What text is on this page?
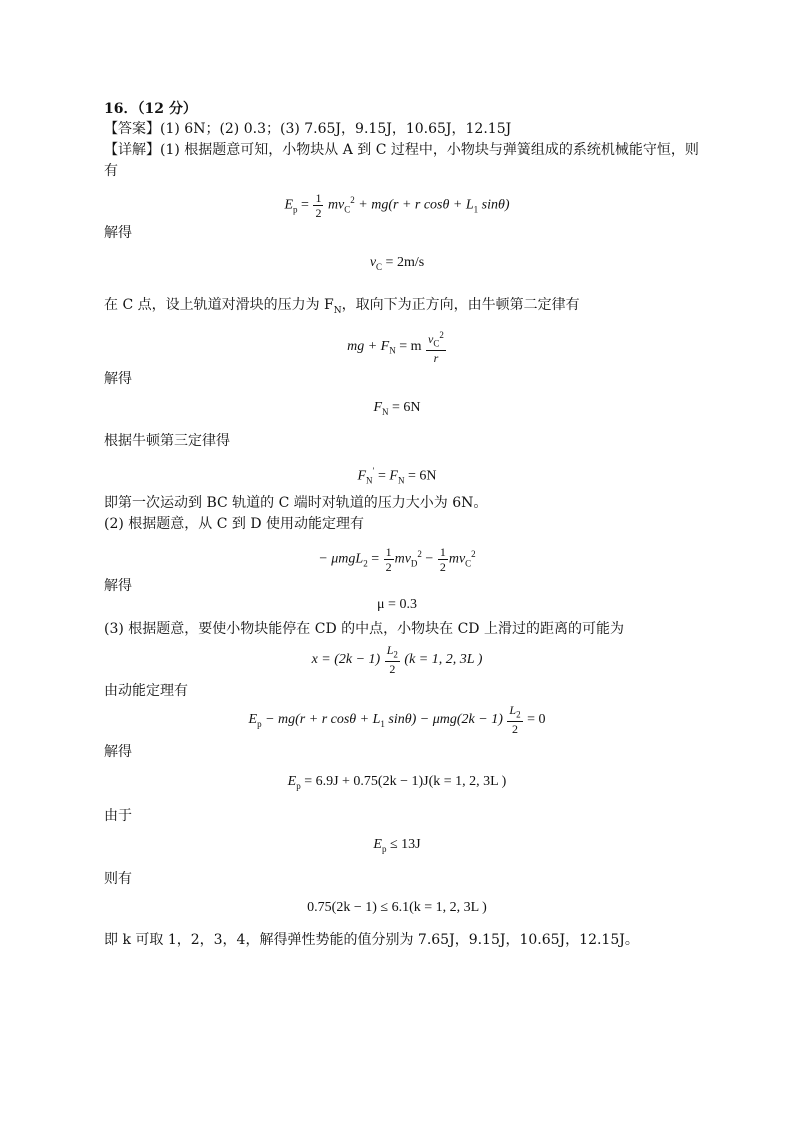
16．（12 分）
【答案】(1) 6N；(2) 0.3；(3) 7.65J，9.15J，10.65J，12.15J
【详解】(1) 根据题意可知，小物块从 A 到 C 过程中，小物块与弹簧组成的系统机械能守恒，则
有
$E_p = \frac{1}{2} mv_C^2 + mg(r + r$ $\cos\theta + L_1$ sinθ)
解得
$v_C = 2m/s$
在 C 点，设上轨道对滑块的压力为 $F_N$，取向下为正方向，由牛顿第二定律有
mg + $F_N = m \frac{v_C^2}{r}$
解得
$F_N = 6N$
根据牛顿第三定律得
$F_N' = F_N = 6N$
即第一次运动到 BC 轨道的 C 端时对轨道的压力大小为 6N。
(2) 根据题意，从 C 到 D 使用动能定理有
− $\mu mgL_2 = \frac{1}{2} mv_D^2 - \frac{1}{2} mv_C^2$
解得
μ = 0.3
(3) 根据题意，要使小物块能停在 CD 的中点，小物块在 CD 上滑过的距离的可能为
$x = (2k - 1) \frac{L_2}{2} (k = 1$, 2, 3L )
由动能定理有
$E_p - mg(r + r$ $\cos\theta + L_1$ $\sin\theta) - \mu mg(2k - 1) \frac{L_2}{2} = 0$
解得
$E_p = 6.9J + 0.75(2k - 1)J(k = 1$, 2, 3L )
由于
$E_p \le 13J$
则有
0.75(2k − 1) ≤ 6.1(k = 1, 2, 3L )
即 k 可取 1，2，3，4，解得弹性势能的值分别为 7.65J，9.15J，10.65J，12.15J。
